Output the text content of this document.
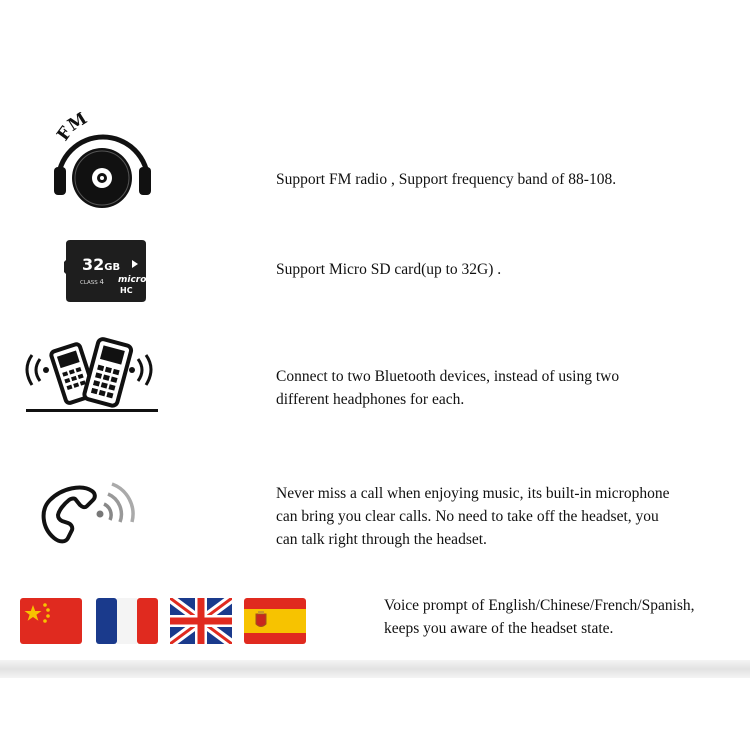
FM
Support FM radio , Support frequency band of 88-108.
32GB
CLASS 4 micro
HC
Support Micro SD card(up to 32G) .
Connect to two Bluetooth devices, instead of using two
different headphones for each.
Never miss a call when enjoying music, its built-in microphone
can bring you clear calls. No need to take off the headset, you
can talk right through the headset.
Voice prompt of English/Chinese/French/Spanish,
keeps you aware of the headset state.
